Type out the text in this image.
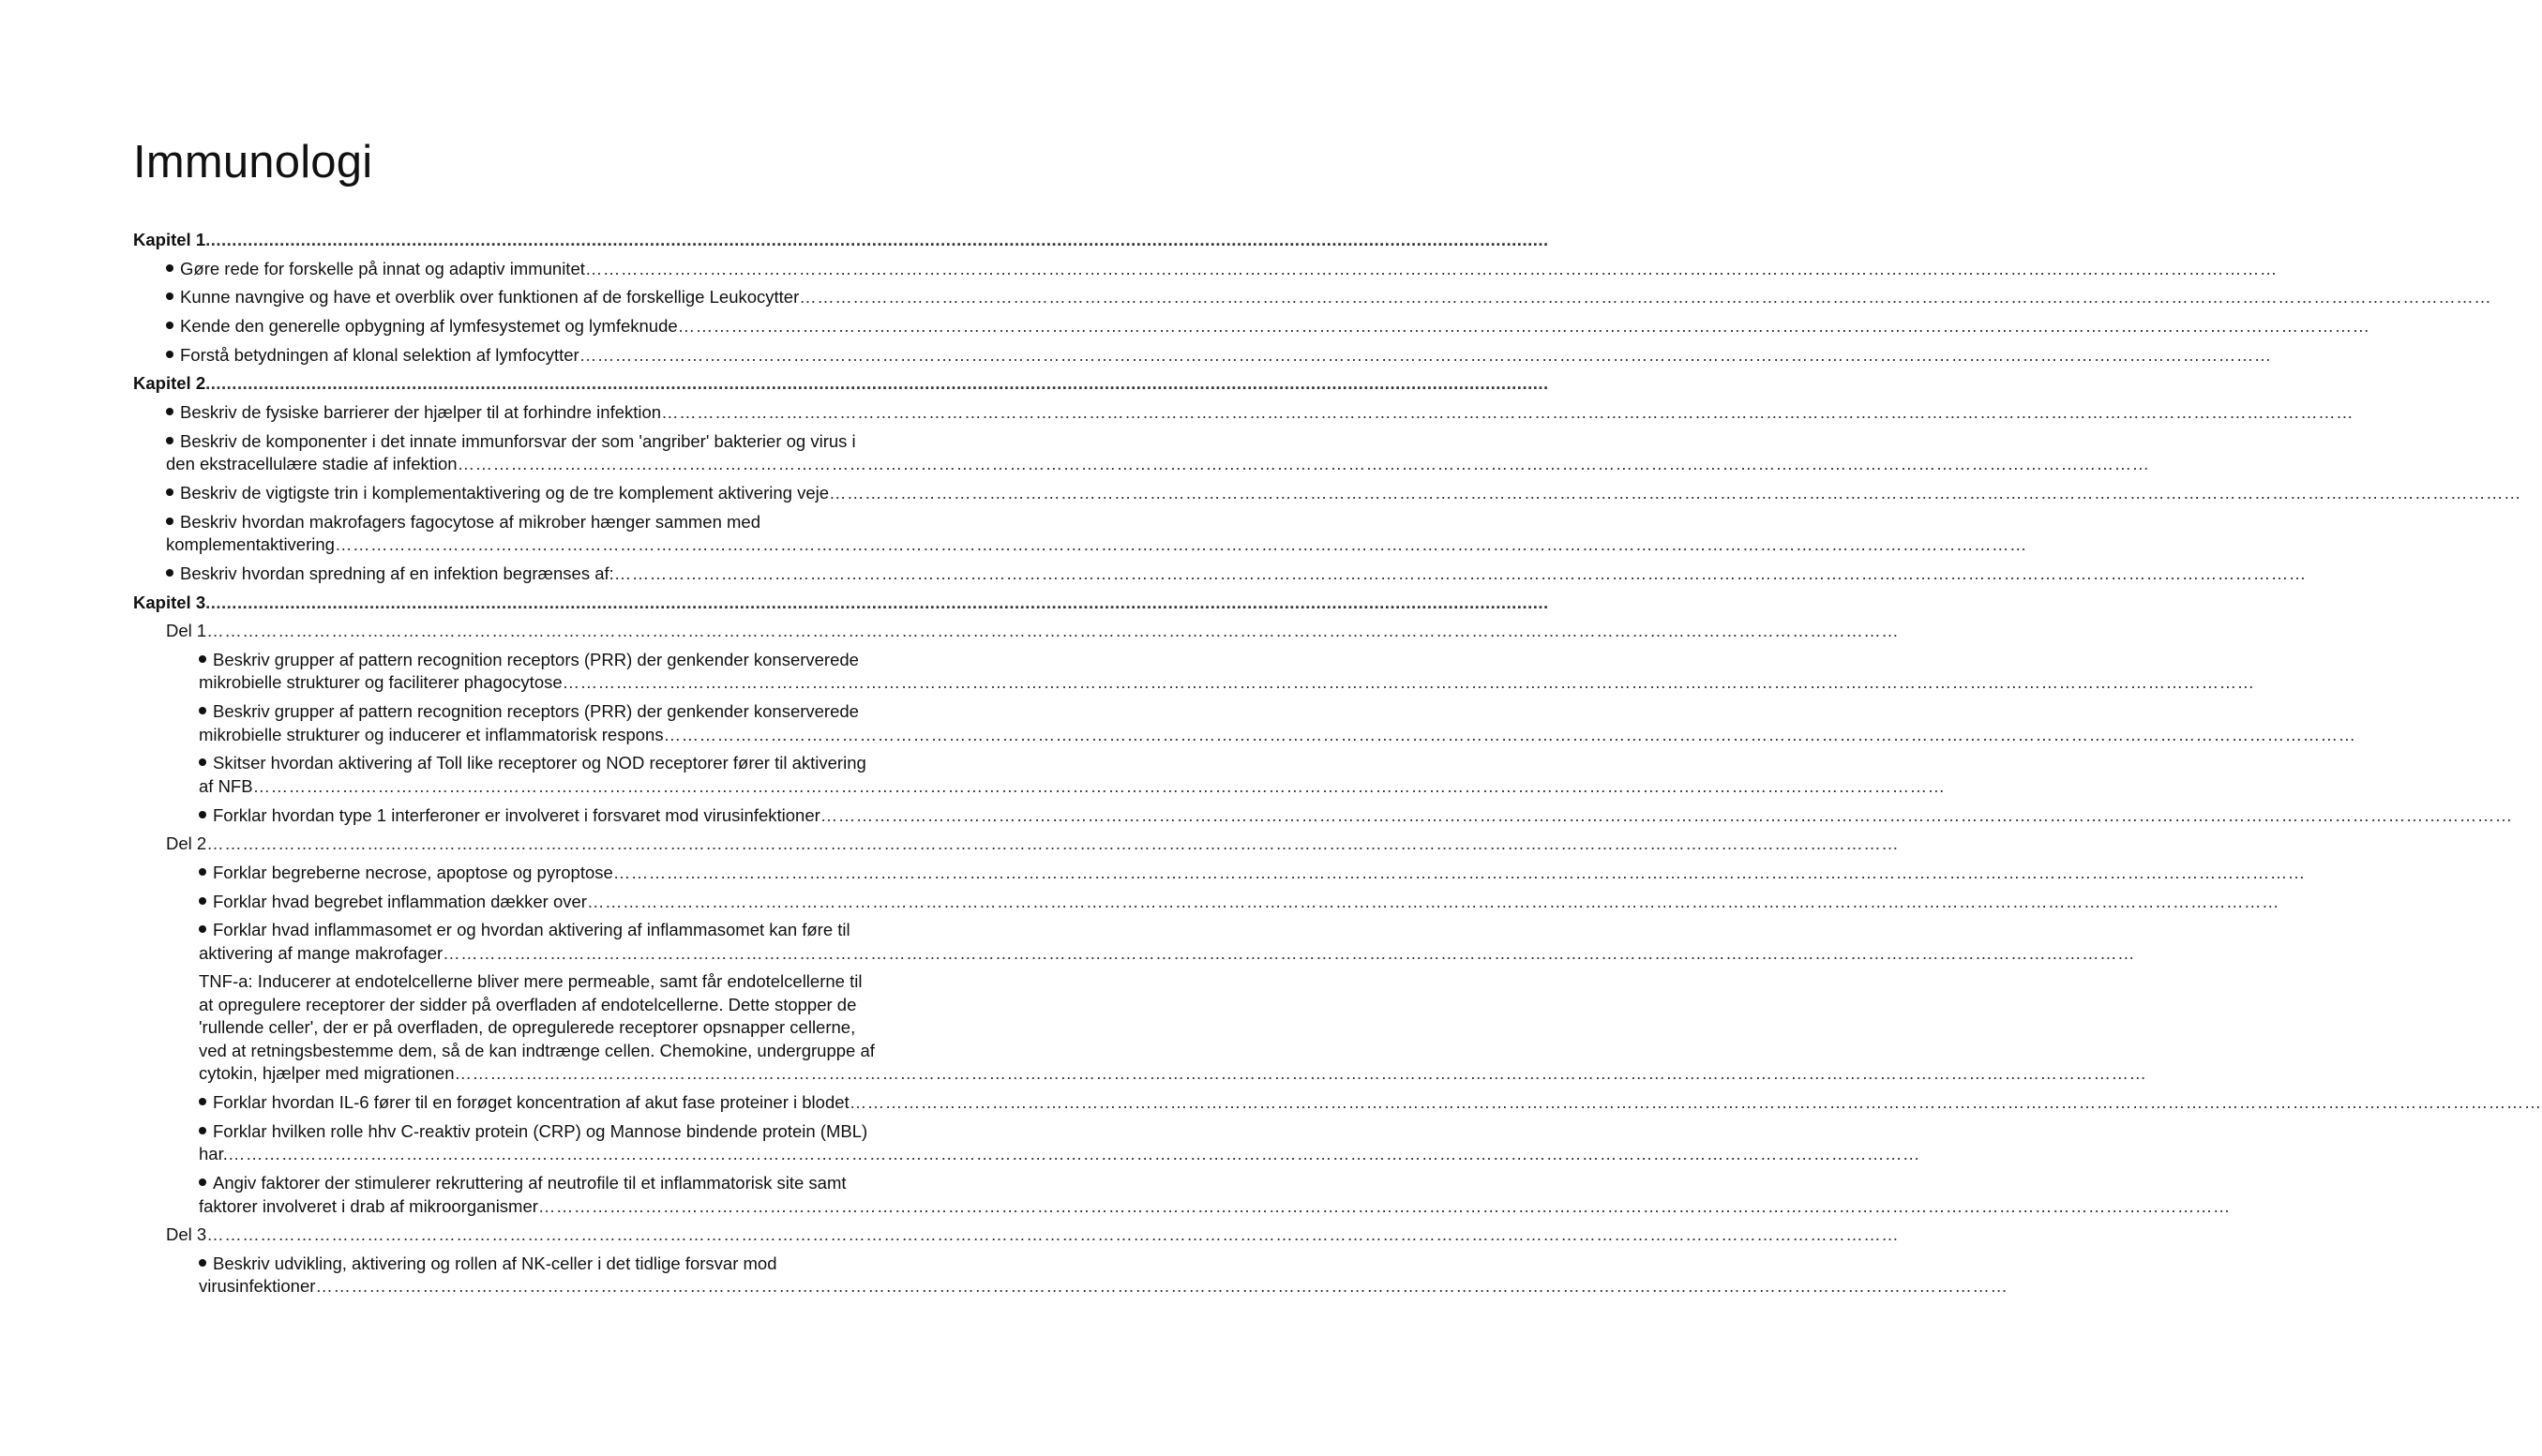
Immunologi
Kapitel 1..............................................................................................................................................................................................................................................................
Gøre rede for forskelle på innat og adaptiv immunitet……………………………………………………………………………………………………………………………………………………………………………………………………………………………………………………………
Kunne navngive og have et overblik over funktionen af de forskellige Leukocytter……………………………………………………………………………………………………………………………………………………………………………………………………………………………………………………………
Kende den generelle opbygning af lymfesystemet og lymfeknude……………………………………………………………………………………………………………………………………………………………………………………………………………………………………………………………
Forstå betydningen af klonal selektion af lymfocytter……………………………………………………………………………………………………………………………………………………………………………………………………………………………………………………………
Kapitel 2..............................................................................................................................................................................................................................................................
Beskriv de fysiske barrierer der hjælper til at forhindre infektion……………………………………………………………………………………………………………………………………………………………………………………………………………………………………………………………
Beskriv de komponenter i det innate immunforsvar der som 'angriber' bakterier og virus i
den ekstracellulære stadie af infektion……………………………………………………………………………………………………………………………………………………………………………………………………………………………………………………………
Beskriv de vigtigste trin i komplementaktivering og de tre komplement aktivering veje……………………………………………………………………………………………………………………………………………………………………………………………………………………………………………………………
Beskriv hvordan makrofagers fagocytose af mikrober hænger sammen med
komplementaktivering……………………………………………………………………………………………………………………………………………………………………………………………………………………………………………………………
Beskriv hvordan spredning af en infektion begrænses af:……………………………………………………………………………………………………………………………………………………………………………………………………………………………………………………………
Kapitel 3..............................................................................................................................................................................................................................................................
Del 1……………………………………………………………………………………………………………………………………………………………………………………………………………………………………………………………
Beskriv grupper af pattern recognition receptors (PRR) der genkender konserverede
mikrobielle strukturer og faciliterer phagocytose……………………………………………………………………………………………………………………………………………………………………………………………………………………………………………………………
Beskriv grupper af pattern recognition receptors (PRR) der genkender konserverede
mikrobielle strukturer og inducerer et inflammatorisk respons……………………………………………………………………………………………………………………………………………………………………………………………………………………………………………………………
Skitser hvordan aktivering af Toll like receptorer og NOD receptorer fører til aktivering
af NFB……………………………………………………………………………………………………………………………………………………………………………………………………………………………………………………………
Forklar hvordan type 1 interferoner er involveret i forsvaret mod virusinfektioner……………………………………………………………………………………………………………………………………………………………………………………………………………………………………………………………
Del 2……………………………………………………………………………………………………………………………………………………………………………………………………………………………………………………………
Forklar begreberne necrose, apoptose og pyroptose……………………………………………………………………………………………………………………………………………………………………………………………………………………………………………………………
Forklar hvad begrebet inflammation dækker over……………………………………………………………………………………………………………………………………………………………………………………………………………………………………………………………
Forklar hvad inflammasomet er og hvordan aktivering af inflammasomet kan føre til
aktivering af mange makrofager……………………………………………………………………………………………………………………………………………………………………………………………………………………………………………………………
TNF-a: Inducerer at endotelcellerne bliver mere permeable, samt får endotelcellerne til
at opregulere receptorer der sidder på overfladen af endotelcellerne. Dette stopper de
'rullende celler', der er på overfladen, de opregulerede receptorer opsnapper cellerne,
ved at retningsbestemme dem, så de kan indtrænge cellen. Chemokine, undergruppe af
cytokin, hjælper med migrationen……………………………………………………………………………………………………………………………………………………………………………………………………………………………………………………………
Forklar hvordan IL-6 fører til en forøget koncentration af akut fase proteiner i blodet……………………………………………………………………………………………………………………………………………………………………………………………………………………………………………………………
Forklar hvilken rolle hhv C-reaktiv protein (CRP) og Mannose bindende protein (MBL)
har.……………………………………………………………………………………………………………………………………………………………………………………………………………………………………………………………
Angiv faktorer der stimulerer rekruttering af neutrofile til et inflammatorisk site samt
faktorer involveret i drab af mikroorganismer……………………………………………………………………………………………………………………………………………………………………………………………………………………………………………………………
Del 3……………………………………………………………………………………………………………………………………………………………………………………………………………………………………………………………
Beskriv udvikling, aktivering og rollen af NK-celler i det tidlige forsvar mod
virusinfektioner……………………………………………………………………………………………………………………………………………………………………………………………………………………………………………………………
